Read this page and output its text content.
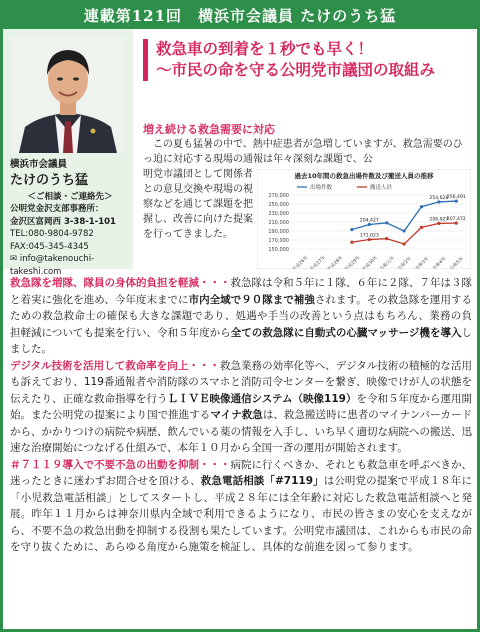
連載第121回　横浜市会議員 たけのうち猛
横浜市会議員
たけのうち猛
＜ご相談・ご連絡先＞
公明党金沢支部事務所：
金沢区富岡西 3-38-1-101
TEL:080-9804-9782
FAX:045-345-4345
✉ info@takenouchi-takeshi.com
救急車の到着を１秒でも早く！
～市民の命を守る公明党市議団の取組み
増え続ける救急需要に対応
この夏も猛暑の中で、熱中症患者が急増していますが、救急需要のひっ迫に対応する現場の通報は年々深刻な課題で、公
明党市議団として関係者との意見交換や現場の視察などを通じて課題を把握し、改善に向けた提案を行ってきました。
過去10年間の救急出場件数及び搬送人員の推移
出場件数	搬送人員
270,000
250,000
230,000
210,000
190,000
170,000
150,000
平成26年 平成27年 平成28年 平成29年 平成30年 令和元年 令和2年 令和3年 令和4年 令和5年
204,427
254,626
256,491
171,023
206,927
207,472

救急隊を増隊、隊員の身体的負担を軽減・・・救急隊は令和５年に１隊、６年に２隊、７年は３隊と着実に強化を進め、今年度末までに市内全域で９０隊まで補強されます。その救急隊を運用するための救急救命士の確保も大きな課題であり、処遇や手当の改善という点はもちろん、業務の負担軽減についても提案を行い、令和５年度から全ての救急隊に自動式の心臓マッサージ機を導入しました。

デジタル技術を活用して救命率を向上・・・救急業務の効率化等へ、デジタル技術の積極的な活用も訴えており、119番通報者や消防隊のスマホと消防司令センターを繋ぎ、映像でけが人の状態を伝えたり、正確な救命指導を行うＬＩＶＥ映像通信システム（映像119）を令和５年度から運用開始。また公明党の提案により国で推進するマイナ救急は、救急搬送時に患者のマイナンバーカードから、かかりつけの病院や病歴、飲んでいる薬の情報を入手し、いち早く適切な病院への搬送、迅速な治療開始につなげる仕組みで、本年１０月から全国一斉の運用が開始されます。

＃７１１９導入で不要不急の出動を抑制・・・病院に行くべきか、それとも救急車を呼ぶべきか、迷ったときに迷わずお問合せを頂ける、救急電話相談「#7119」は公明党の提案で平成１８年に「小児救急電話相談」としてスタートし、平成２８年には全年齢に対応した救急電話相談へと発展。昨年１１月からは神奈川県内全域で利用できるようになり、市民の皆さまの安心を支えながら、不要不急の救急出動を抑制する役割も果たしています。公明党市議団は、これからも市民の命を守り抜くために、あらゆる角度から施策を検証し、具体的な前進を図って参ります。
